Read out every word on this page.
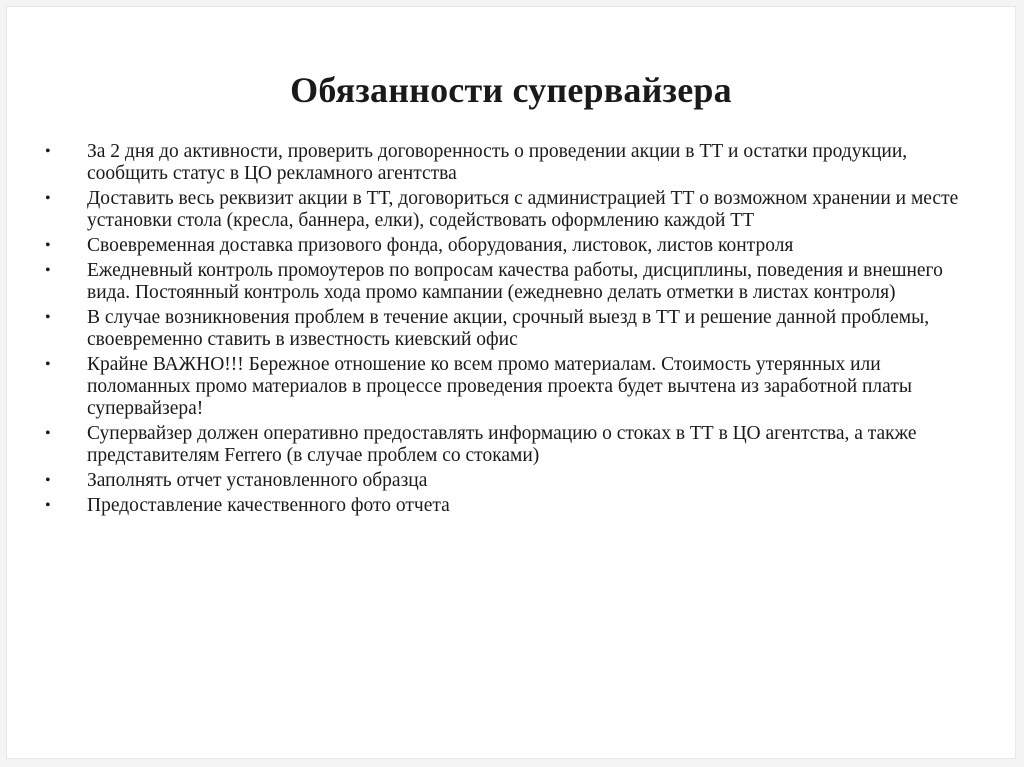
Обязанности супервайзера
• За 2 дня до активности, проверить договоренность о проведении акции в ТТ и остатки продукции, сообщить статус в ЦО рекламного агентства
• Доставить весь реквизит акции в ТТ, договориться с администрацией ТТ о возможном хранении и месте установки стола (кресла, баннера, елки), содействовать оформлению каждой ТТ
• Своевременная доставка призового фонда, оборудования, листовок, листов контроля
• Ежедневный контроль промоутеров по вопросам качества работы, дисциплины, поведения и внешнего вида. Постоянный контроль хода промо кампании (ежедневно делать отметки в листах контроля)
• В случае возникновения проблем в течение акции, срочный выезд в ТТ и решение данной проблемы, своевременно ставить в известность киевский офис
• Крайне ВАЖНО!!! Бережное отношение ко всем промо материалам. Стоимость утерянных или поломанных промо материалов в процессе проведения проекта будет вычтена из заработной платы супервайзера!
• Супервайзер должен оперативно предоставлять информацию о стоках в ТТ в ЦО агентства, а также представителям Ferrero (в случае проблем со стоками)
• Заполнять отчет установленного образца
• Предоставление качественного фото отчета
